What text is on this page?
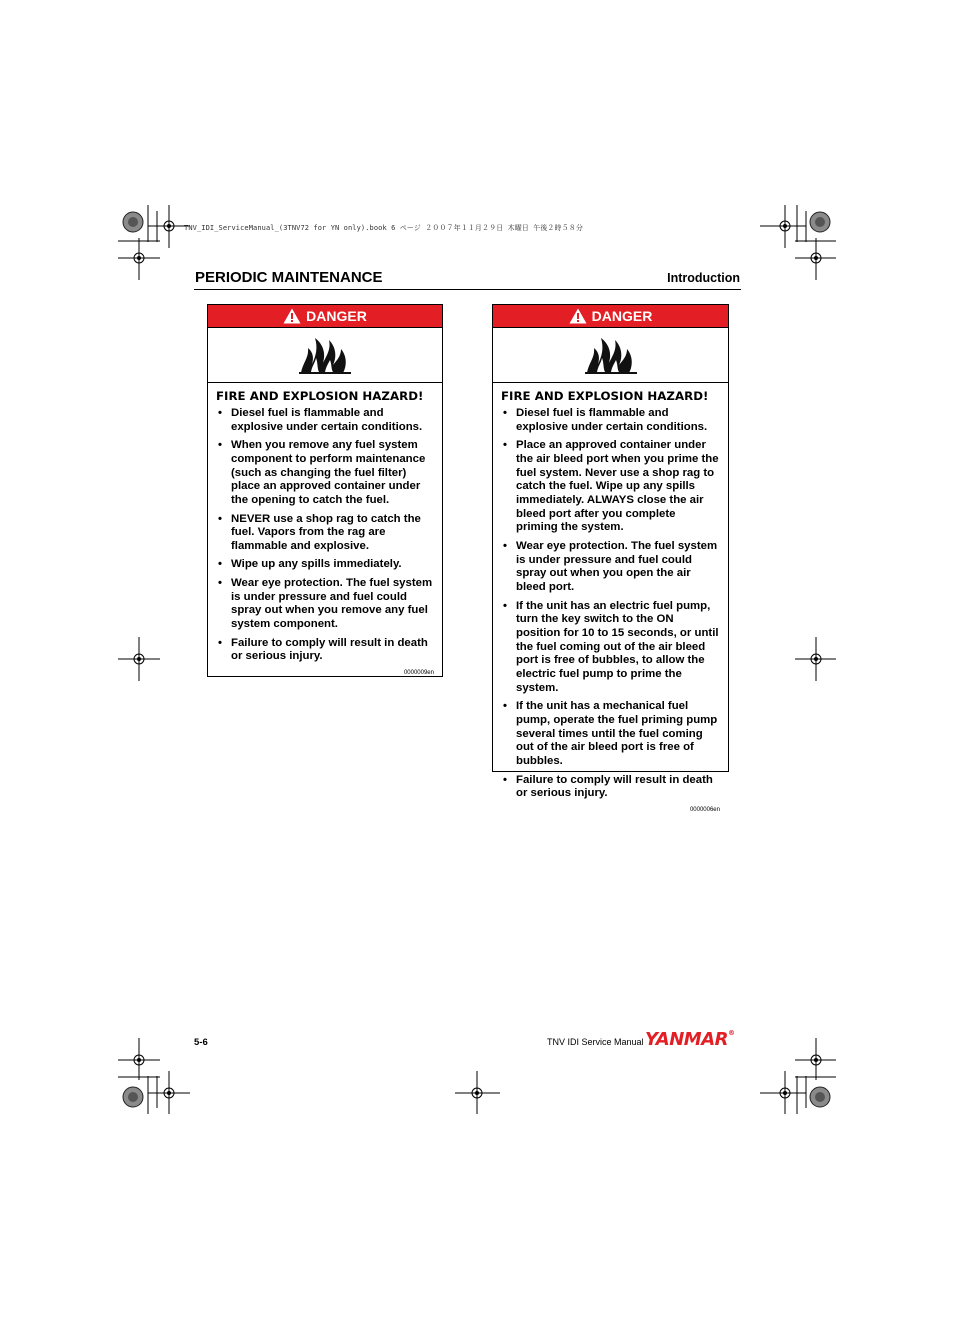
TNV_IDI_ServiceManual_(3TNV72 for YN only).book 6 ページ ２００７年１１月２９日 木曜日 午後２時５８分
PERIODIC MAINTENANCE	Introduction
DANGER
FIRE AND EXPLOSION HAZARD!
• Diesel fuel is flammable and explosive under certain conditions.
• When you remove any fuel system component to perform maintenance (such as changing the fuel filter) place an approved container under the opening to catch the fuel.
• NEVER use a shop rag to catch the fuel. Vapors from the rag are flammable and explosive.
• Wipe up any spills immediately.
• Wear eye protection. The fuel system is under pressure and fuel could spray out when you remove any fuel system component.
• Failure to comply will result in death or serious injury.
0000009en
DANGER
FIRE AND EXPLOSION HAZARD!
• Diesel fuel is flammable and explosive under certain conditions.
• Place an approved container under the air bleed port when you prime the fuel system. Never use a shop rag to catch the fuel. Wipe up any spills immediately. ALWAYS close the air bleed port after you complete priming the system.
• Wear eye protection. The fuel system is under pressure and fuel could spray out when you open the air bleed port.
• If the unit has an electric fuel pump, turn the key switch to the ON position for 10 to 15 seconds, or until the fuel coming out of the air bleed port is free of bubbles, to allow the electric fuel pump to prime the system.
• If the unit has a mechanical fuel pump, operate the fuel priming pump several times until the fuel coming out of the air bleed port is free of bubbles.
• Failure to comply will result in death or serious injury.
0000006en
5-6	TNV IDI Service Manual YANMAR®
